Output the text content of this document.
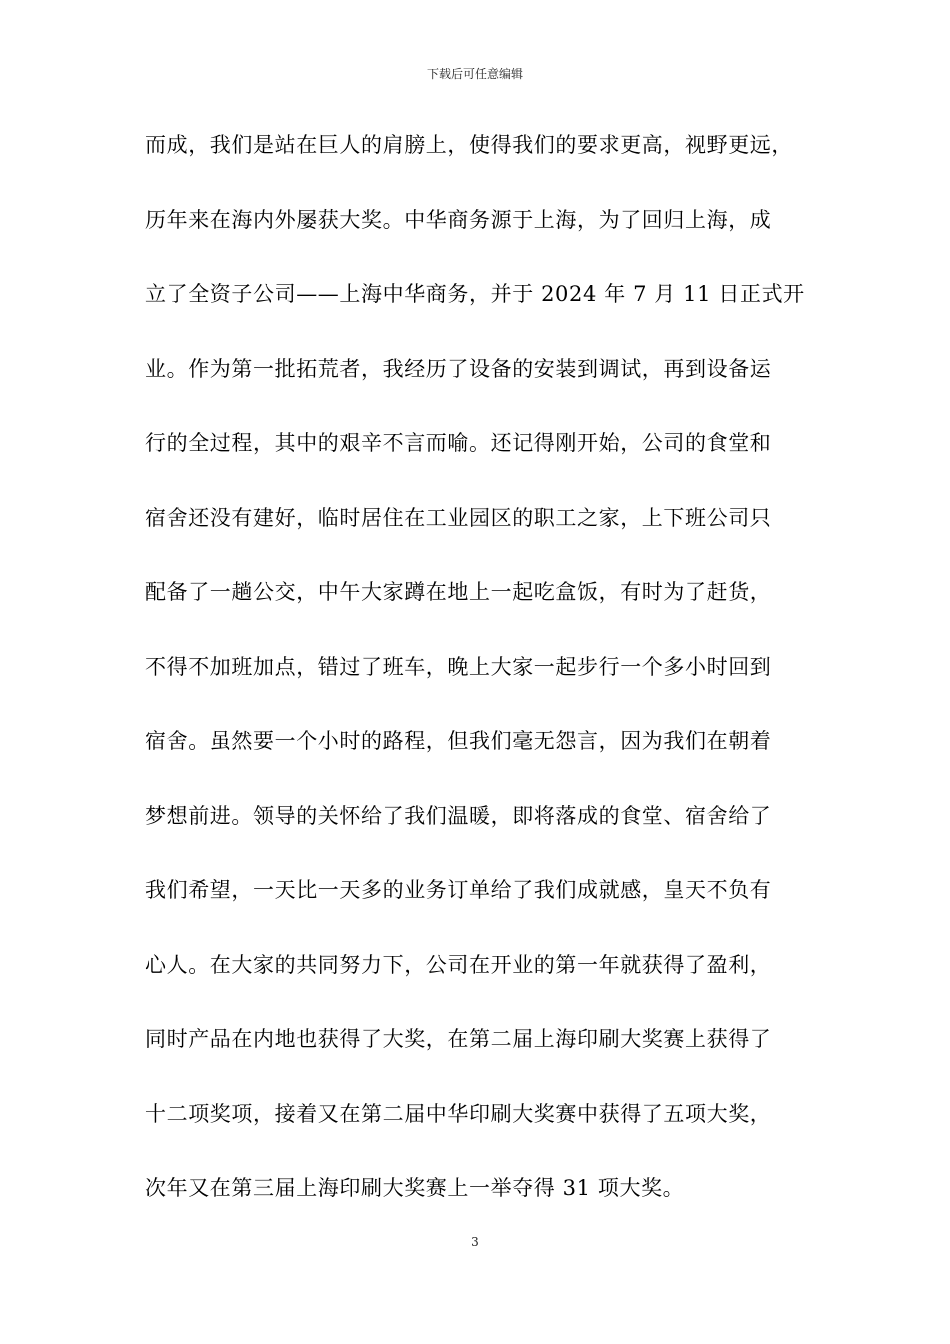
下载后可任意编辑
而成，我们是站在巨人的肩膀上，使得我们的要求更高，视野更远，
历年来在海内外屡获大奖。中华商务源于上海，为了回归上海，成
立了全资子公司——上海中华商务，并于 2024 年 7 月 11 日正式开
业。作为第一批拓荒者，我经历了设备的安装到调试，再到设备运
行的全过程，其中的艰辛不言而喻。还记得刚开始，公司的食堂和
宿舍还没有建好，临时居住在工业园区的职工之家，上下班公司只
配备了一趟公交，中午大家蹲在地上一起吃盒饭，有时为了赶货，
不得不加班加点，错过了班车，晚上大家一起步行一个多小时回到
宿舍。虽然要一个小时的路程，但我们毫无怨言，因为我们在朝着
梦想前进。领导的关怀给了我们温暖，即将落成的食堂、宿舍给了
我们希望，一天比一天多的业务订单给了我们成就感，皇天不负有
心人。在大家的共同努力下，公司在开业的第一年就获得了盈利，
同时产品在内地也获得了大奖，在第二届上海印刷大奖赛上获得了
十二项奖项，接着又在第二届中华印刷大奖赛中获得了五项大奖，
次年又在第三届上海印刷大奖赛上一举夺得 31 项大奖。
3
